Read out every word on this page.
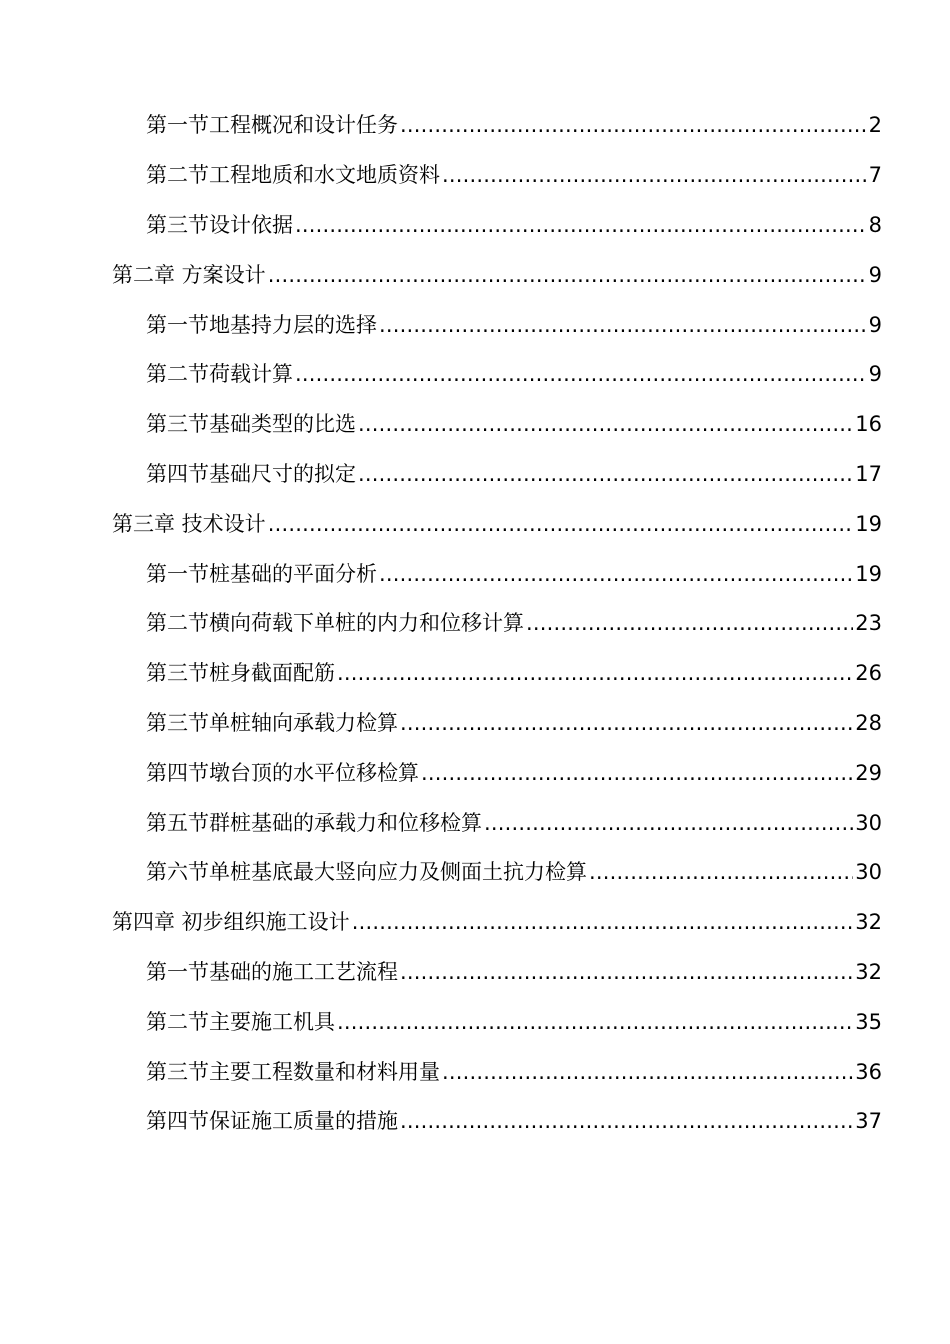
第一节工程概况和设计任务 .....	2
第二节工程地质和水文地质资料 .....	7
第三节设计依据 .....	8
第二章 方案设计 .....	9
第一节地基持力层的选择 .....	9
第二节荷载计算 .....	9
第三节基础类型的比选 .....	16
第四节基础尺寸的拟定 .....	17
第三章 技术设计 .....	19
第一节桩基础的平面分析 .....	19
第二节横向荷载下单桩的内力和位移计算 .....	23
第三节桩身截面配筋 .....	26
第三节单桩轴向承载力检算 .....	28
第四节墩台顶的水平位移检算 .....	29
第五节群桩基础的承载力和位移检算 .....	30
第六节单桩基底最大竖向应力及侧面土抗力检算 .....	30
第四章 初步组织施工设计 .....	32
第一节基础的施工工艺流程 .....	32
第二节主要施工机具 .....	35
第三节主要工程数量和材料用量 .....	36
第四节保证施工质量的措施 .....	37
